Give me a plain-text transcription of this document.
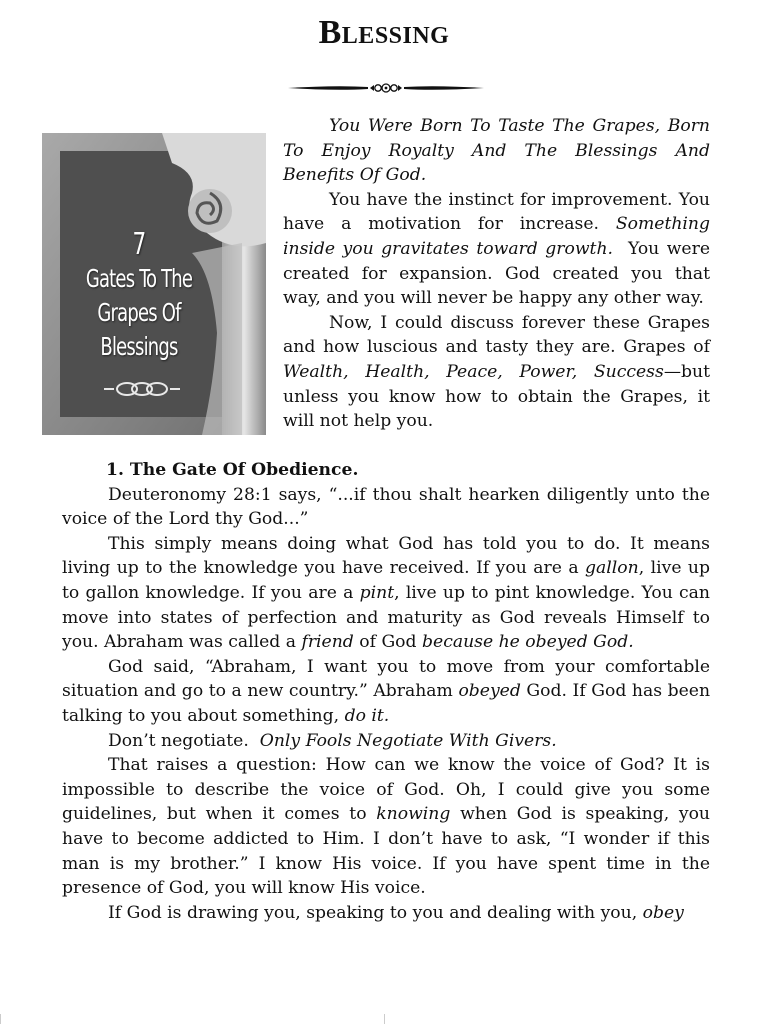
Blessing
7
Gates To The
Grapes Of
Blessings

You Were Born To Taste The Grapes, Born To Enjoy Royalty And The Blessings And Benefits Of God.

You have the instinct for improvement. You have a motivation for increase. Something inside you gravitates toward growth. You were created for expansion. God created you that way, and you will never be happy any other way.

Now, I could discuss forever these Grapes and how luscious and tasty they are. Grapes of Wealth, Health, Peace, Power, Success—but unless you know how to obtain the Grapes, it will not help you.

1. The Gate Of Obedience.

Deuteronomy 28:1 says, “...if thou shalt hearken diligently unto the voice of the Lord thy God...”

This simply means doing what God has told you to do. It means living up to the knowledge you have received. If you are a gallon, live up to gallon knowledge. If you are a pint, live up to pint knowledge. You can move into states of perfection and maturity as God reveals Himself to you. Abraham was called a friend of God because he obeyed God.

God said, “Abraham, I want you to move from your comfortable situation and go to a new country.” Abraham obeyed God. If God has been talking to you about something, do it.

Don’t negotiate. Only Fools Negotiate With Givers.

That raises a question: How can we know the voice of God? It is impossible to describe the voice of God. Oh, I could give you some guidelines, but when it comes to knowing when God is speaking, you have to become addicted to Him. I don’t have to ask, “I wonder if this man is my brother.” I know His voice. If you have spent time in the presence of God, you will know His voice.

If God is drawing you, speaking to you and dealing with you, obey
